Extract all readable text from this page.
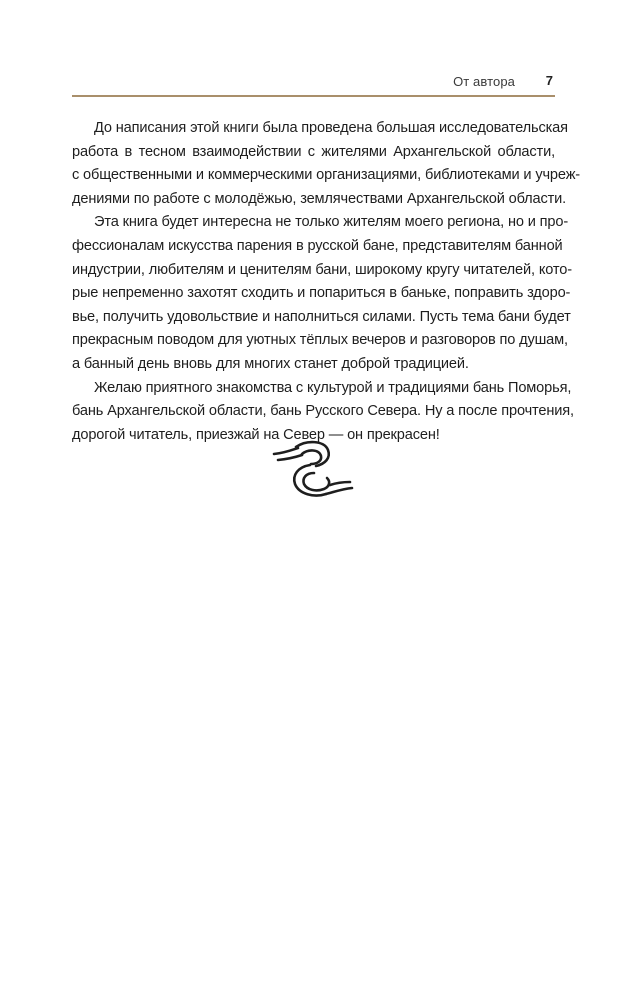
От автора 7
До написания этой книги была проведена большая исследовательская
работа в тесном взаимодействии с жителями Архангельской области,
с общественными и коммерческими организациями, библиотеками и учреж-
дениями по работе с молодёжью, землячествами Архангельской области.
Эта книга будет интересна не только жителям моего региона, но и про-
фессионалам искусства парения в русской бане, представителям банной
индустрии, любителям и ценителям бани, широкому кругу читателей, кото-
рые непременно захотят сходить и попариться в баньке, поправить здоро-
вье, получить удовольствие и наполниться силами. Пусть тема бани будет
прекрасным поводом для уютных тёплых вечеров и разговоров по душам,
а банный день вновь для многих станет доброй традицией.
Желаю приятного знакомства с культурой и традициями бань Поморья,
бань Архангельской области, бань Русского Севера. Ну а после прочтения,
дорогой читатель, приезжай на Север — он прекрасен!
